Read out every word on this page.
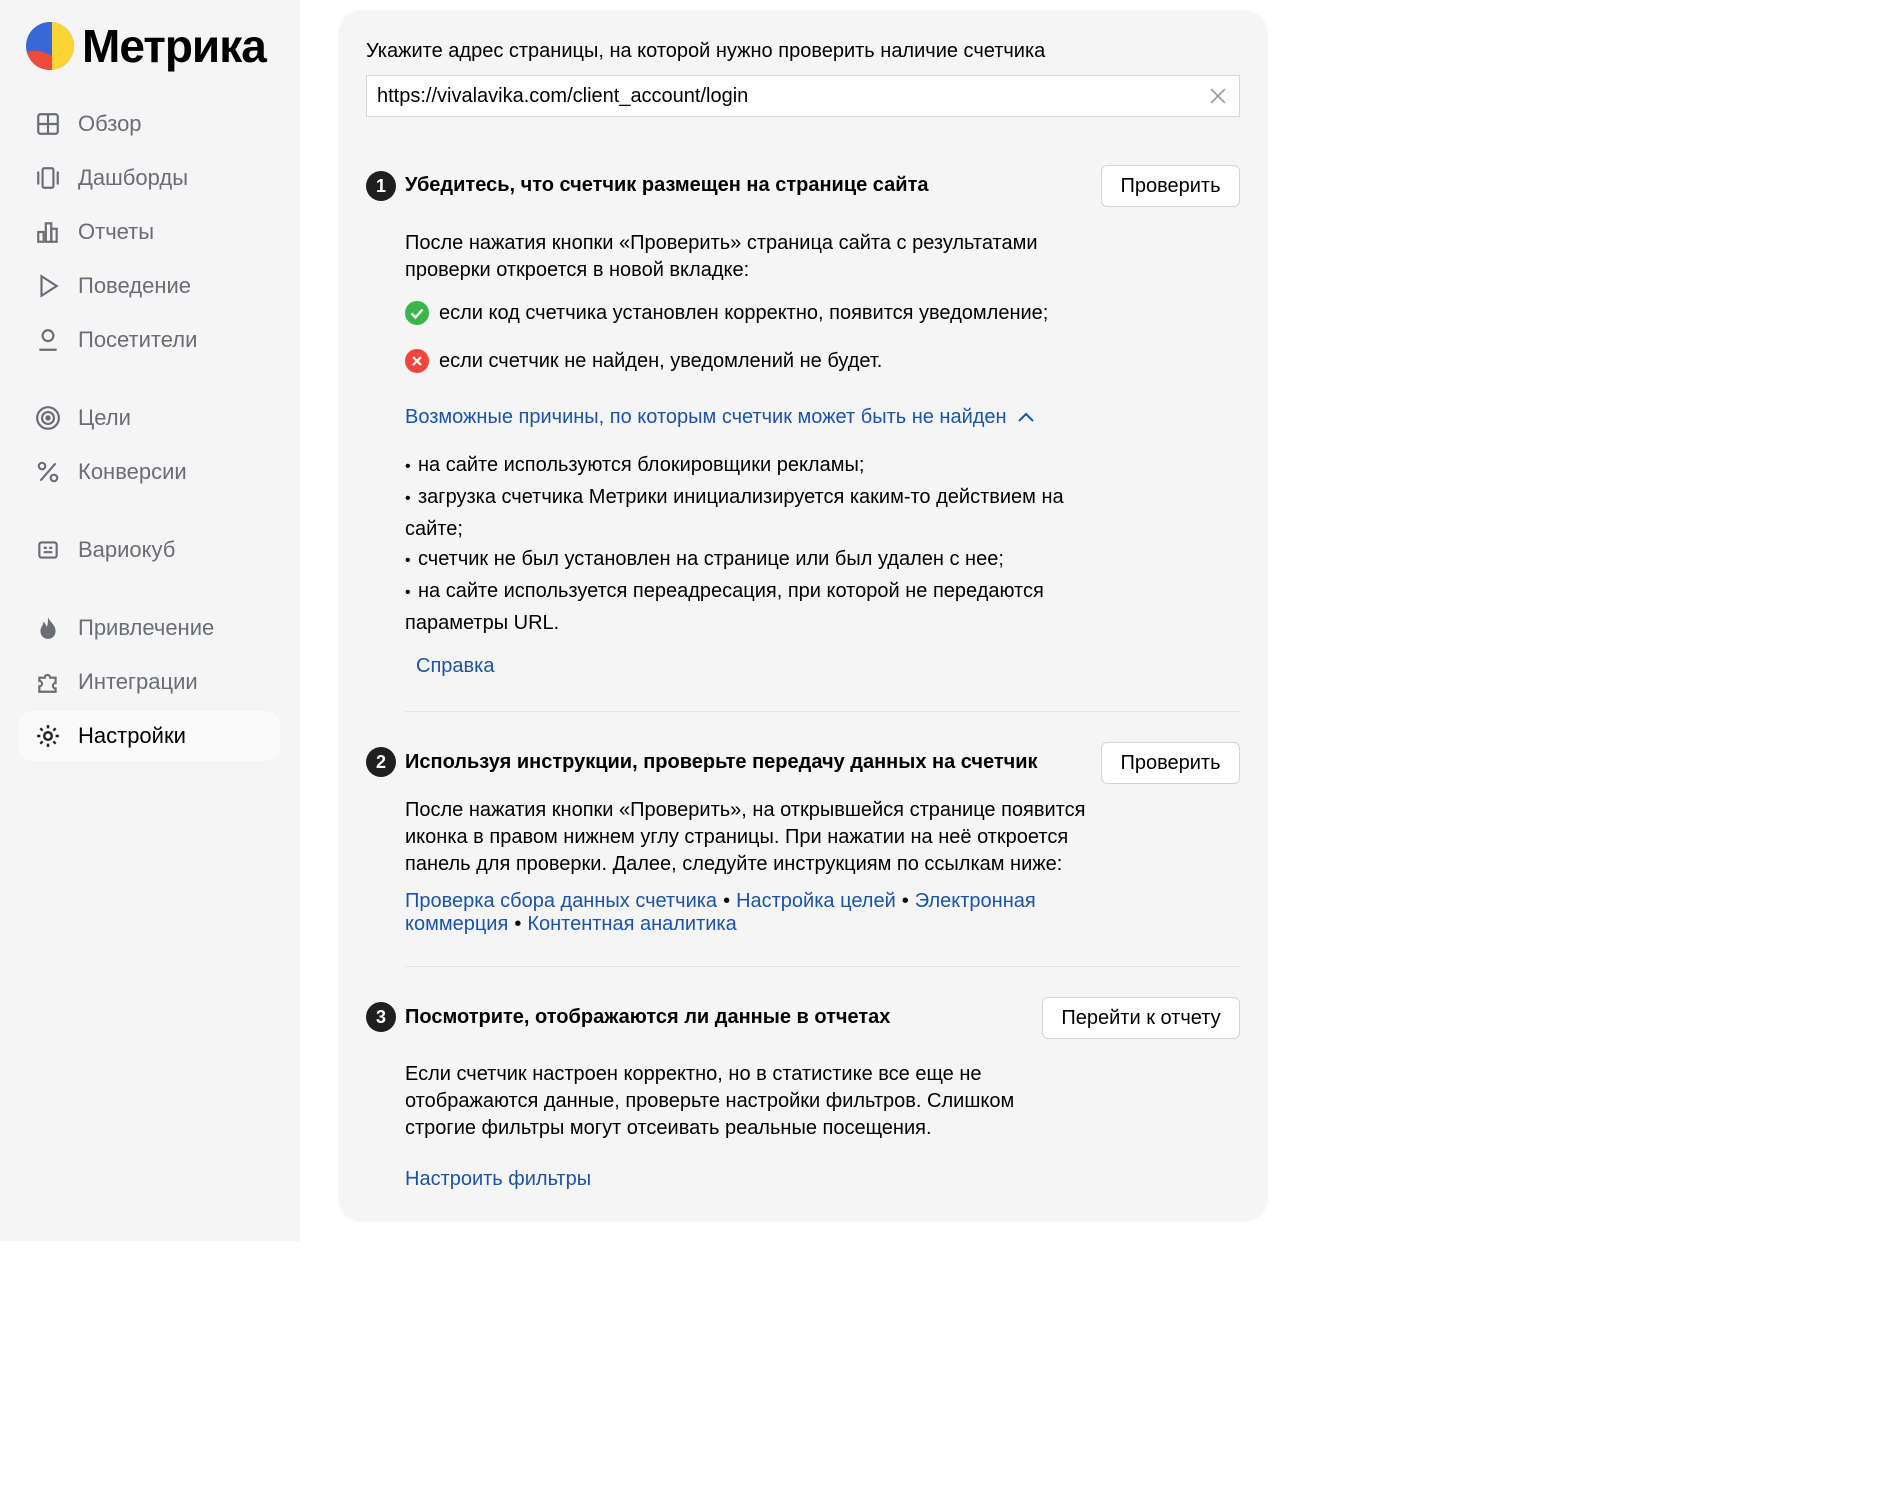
Метрика
Обзор
Дашборды
Отчеты
Поведение
Посетители
Цели
Конверсии
Вариокуб
Привлечение
Интеграции
Настройки
Укажите адрес страницы, на которой нужно проверить наличие счетчика
https://vivalavika.com/client_account/login
1 Убедитесь, что счетчик размещен на странице сайта	Проверить
После нажатия кнопки «Проверить» страница сайта с результатами проверки откроется в новой вкладке:
если код счетчика установлен корректно, появится уведомление;
если счетчик не найден, уведомлений не будет.
Возможные причины, по которым счетчик может быть не найден
• на сайте используются блокировщики рекламы;
• загрузка счетчика Метрики инициализируется каким-то действием на сайте;
• счетчик не был установлен на странице или был удален с нее;
• на сайте используется переадресация, при которой не передаются параметры URL.
Справка
2 Используя инструкции, проверьте передачу данных на счетчик	Проверить
После нажатия кнопки «Проверить», на открывшейся странице появится иконка в правом нижнем углу страницы. При нажатии на неё откроется панель для проверки. Далее, следуйте инструкциям по ссылкам ниже:
Проверка сбора данных счетчика • Настройка целей • Электронная коммерция • Контентная аналитика
3 Посмотрите, отображаются ли данные в отчетах	Перейти к отчету
Если счетчик настроен корректно, но в статистике все еще не отображаются данные, проверьте настройки фильтров. Слишком строгие фильтры могут отсеивать реальные посещения.
Настроить фильтры
